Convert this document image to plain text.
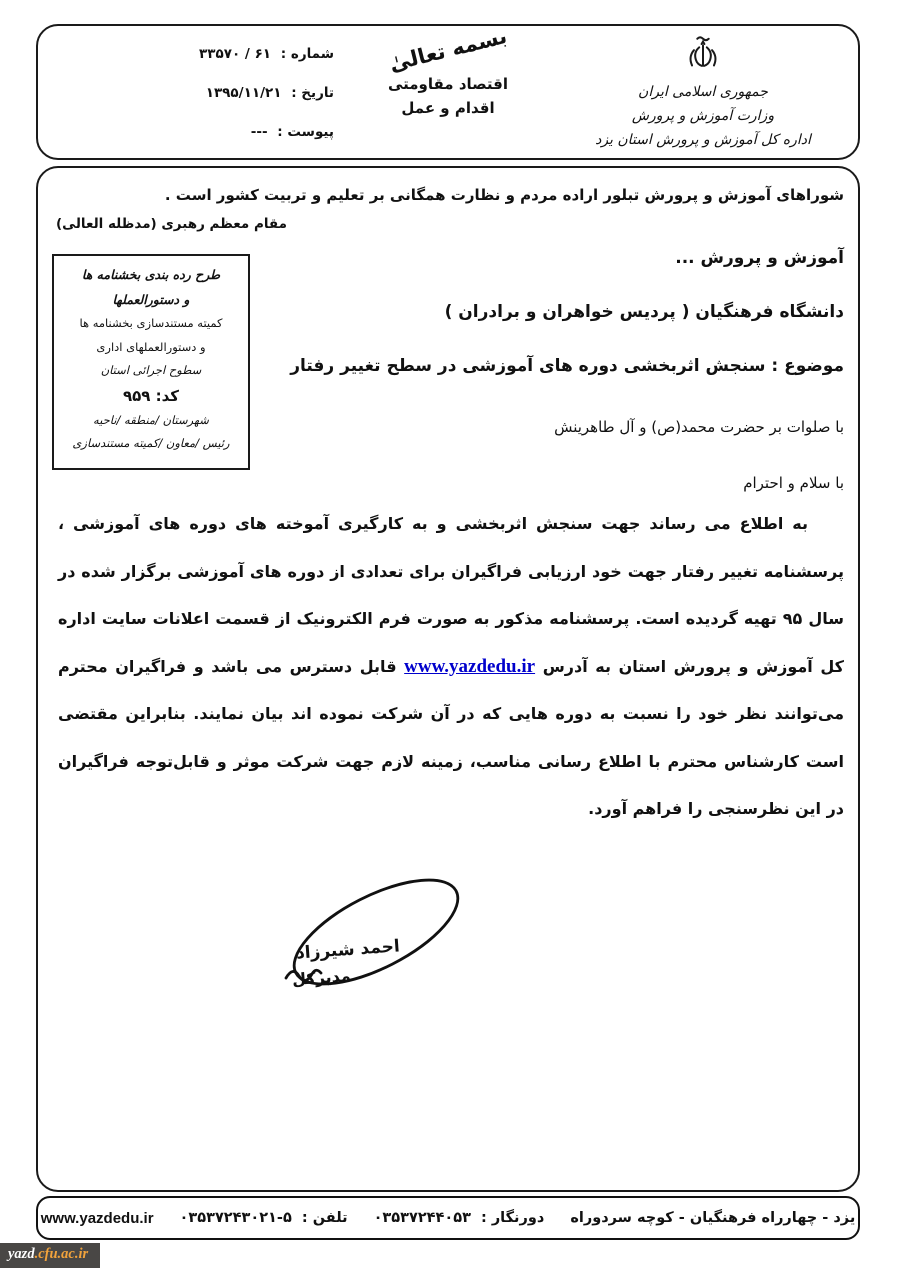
شماره : ۶۱ / ۳۳۵۷۰
تاریخ : ۱۳۹۵/۱۱/۲۱
پیوست : ---
بسمه تعالیٰ
اقتصاد مقاومتی
اقدام و عمل
جمهوری اسلامی ایران
وزارت آموزش و پرورش
اداره کل آموزش و پرورش استان یزد
شوراهای آموزش و پرورش تبلور اراده مردم و نظارت همگانی بر تعلیم و تربیت کشور است .
مقام معظم رهبری (مدظله العالی)
طرح رده بندی بخشنامه ها
و دستورالعملها
کمیته مستندسازی بخشنامه ها
و دستورالعملهای اداری
سطوح اجرائی استان
کد: ۹۵۹
شهرستان /منطقه /ناحیه
رئیس /معاون /کمیته مستندسازی
آموزش و پرورش ...
دانشگاه فرهنگیان ( پردیس خواهران و برادران )
موضوع : سنجش اثربخشی دوره های آموزشی در سطح تغییر رفتار
با صلوات بر حضرت محمد(ص) و آل طاهرینش
با سلام و احترام

به اطلاع می رساند جهت سنجش اثربخشی و به کارگیری آموخته های دوره های آموزشی ، پرسشنامه تغییر رفتار جهت خود ارزیابی فراگیران برای تعدادی از دوره های آموزشی برگزار شده در سال ۹۵ تهیه گردیده است. پرسشنامه مذکور به صورت فرم الکترونیک از قسمت اعلانات سایت اداره کل آموزش و پرورش استان به آدرس www.yazdedu.ir قابل دسترس می باشد و فراگیران محترم می‌توانند نظر خود را نسبت به دوره هایی که در آن شرکت نموده اند بیان نمایند. بنابراین مقتضی است کارشناس محترم با اطلاع رسانی مناسب، زمینه لازم جهت شرکت موثر و قابل‌توجه فراگیران در این نظرسنجی را فراهم آورد.

احمد شیرزاد
مدیرکل
یزد - چهارراه فرهنگیان - کوچه سردوراه
دورنگار : ۰۳۵۳۷۲۴۴۰۵۳
تلفن : ۵-۰۳۵۳۷۲۴۳۰۲۱
www.yazdedu.ir
yazd.cfu.ac.ir
